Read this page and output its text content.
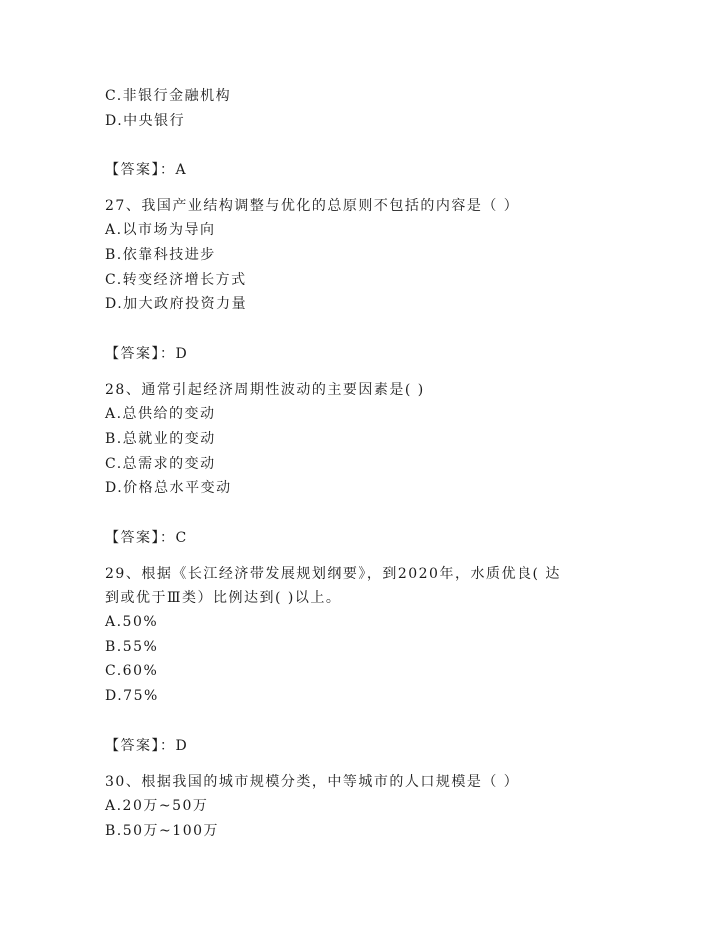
C.非银行金融机构
D.中央银行
【答案】：A
27、我国产业结构调整与优化的总原则不包括的内容是（ ）
A.以市场为导向
B.依靠科技进步
C.转变经济增长方式
D.加大政府投资力量
【答案】：D
28、通常引起经济周期性波动的主要因素是( )
A.总供给的变动
B.总就业的变动
C.总需求的变动
D.价格总水平变动
【答案】：C
29、根据《长江经济带发展规划纲要》，到2020年，水质优良( 达
到或优于Ⅲ类）比例达到( )以上。
A.50%
B.55%
C.60%
D.75%
【答案】：D
30、根据我国的城市规模分类，中等城市的人口规模是（ ）
A.20万~50万
B.50万~100万
